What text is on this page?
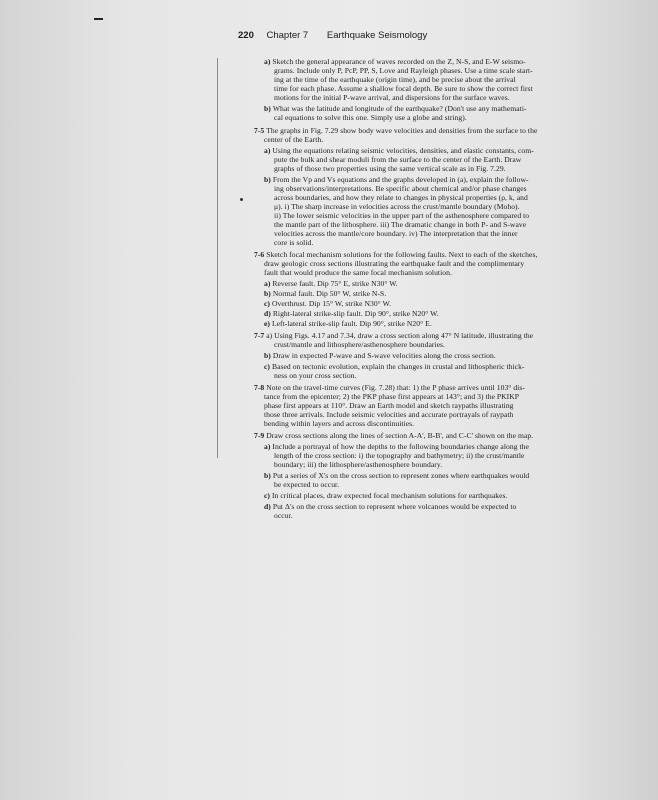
220 Chapter 7 Earthquake Seismology
a) Sketch the general appearance of waves recorded on the Z, N-S, and E-W seismo-
grams. Include only P, PcP, PP, S, Love and Rayleigh phases. Use a time scale start-
ing at the time of the earthquake (origin time), and be precise about the arrival
time for each phase. Assume a shallow focal depth. Be sure to show the correct first
motions for the initial P-wave arrival, and dispersions for the surface waves.
b) What was the latitude and longitude of the earthquake? (Don't use any mathemati-
cal equations to solve this one. Simply use a globe and string).
7-5 The graphs in Fig. 7.29 show body wave velocities and densities from the surface to the
center of the Earth.
a) Using the equations relating seismic velocities, densities, and elastic constants, com-
pute the bulk and shear moduli from the surface to the center of the Earth. Draw
graphs of those two properties using the same vertical scale as in Fig. 7.29.
b) From the Vp and Vs equations and the graphs developed in (a), explain the follow-
ing observations/interpretations. Be specific about chemical and/or phase changes
across boundaries, and how they relate to changes in physical properties (ρ, k, and
μ). i) The sharp increase in velocities across the crust/mantle boundary (Moho).
ii) The lower seismic velocities in the upper part of the asthenosphere compared to
the mantle part of the lithosphere. iii) The dramatic change in both P- and S-wave
velocities across the mantle/core boundary. iv) The interpretation that the inner
core is solid.
7-6 Sketch focal mechanism solutions for the following faults. Next to each of the sketches,
draw geologic cross sections illustrating the earthquake fault and the complimentary
fault that would produce the same focal mechanism solution.
a) Reverse fault. Dip 75° E, strike N30° W.
b) Normal fault. Dip 50° W, strike N-S.
c) Overthrust. Dip 15° W, strike N30° W.
d) Right-lateral strike-slip fault. Dip 90°, strike N20° W.
e) Left-lateral strike-slip fault. Dip 90°, strike N20° E.
7-7 a) Using Figs. 4.17 and 7.34, draw a cross section along 47° N latitude, illustrating the
crust/mantle and lithosphere/asthenosphere boundaries.
b) Draw in expected P-wave and S-wave velocities along the cross section.
c) Based on tectonic evolution, explain the changes in crustal and lithospheric thick-
ness on your cross section.
7-8 Note on the travel-time curves (Fig. 7.28) that: 1) the P phase arrives until 103° dis-
tance from the epicenter; 2) the PKP phase first appears at 143°; and 3) the PKIKP
phase first appears at 110°. Draw an Earth model and sketch raypaths illustrating
those three arrivals. Include seismic velocities and accurate portrayals of raypath
bending within layers and across discontinuities.
7-9 Draw cross sections along the lines of section A-A', B-B', and C-C' shown on the map.
a) Include a portrayal of how the depths to the following boundaries change along the
length of the cross section: i) the topography and bathymetry; ii) the crust/mantle
boundary; iii) the lithosphere/asthenosphere boundary.
b) Put a series of X's on the cross section to represent zones where earthquakes would
be expected to occur.
c) In critical places, draw expected focal mechanism solutions for earthquakes.
d) Put Δ's on the cross section to represent where volcanoes would be expected to
occur.
